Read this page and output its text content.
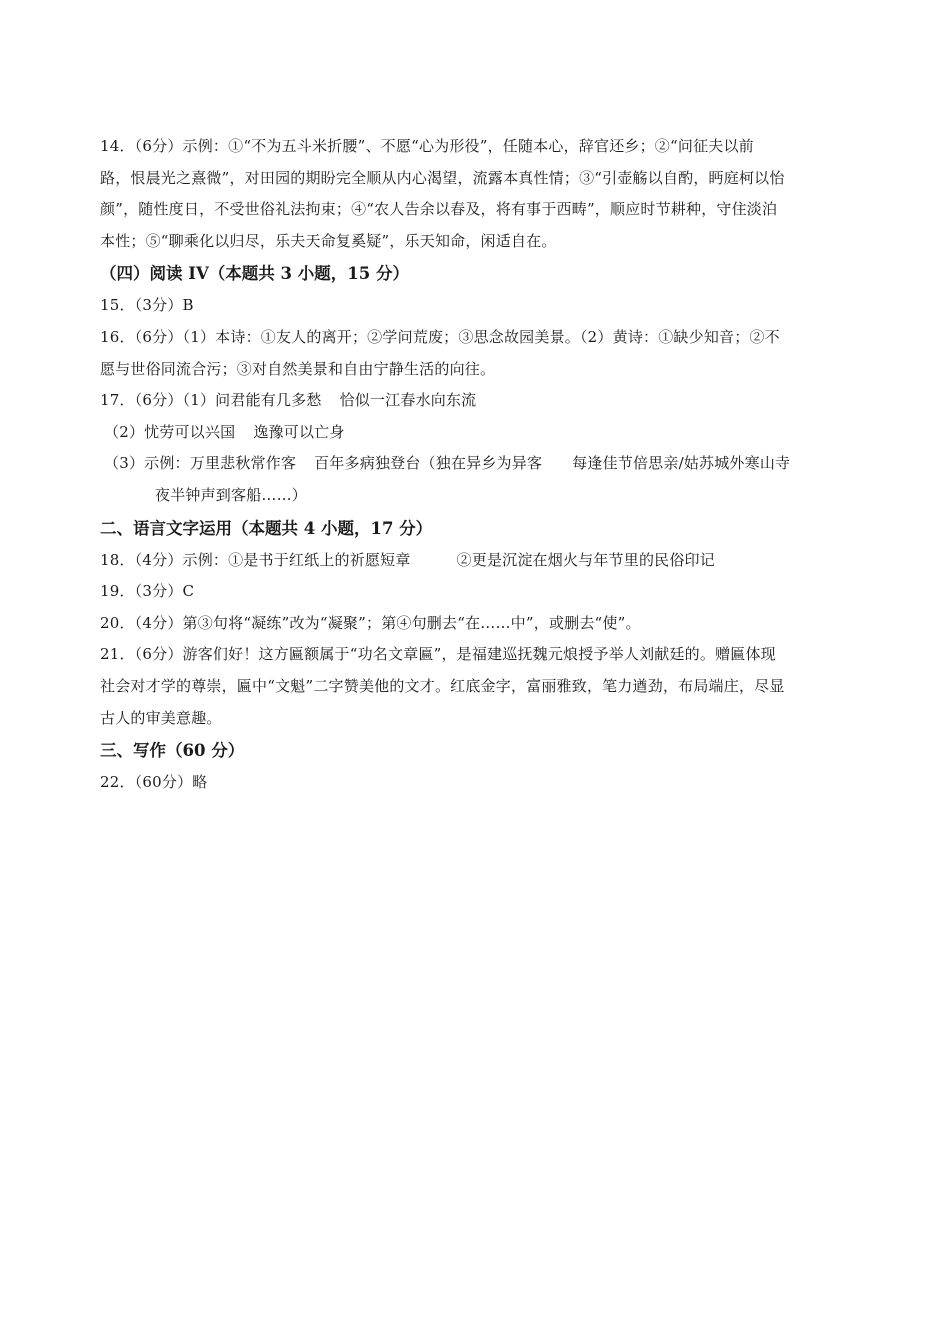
14．（6分）示例：①“不为五斗米折腰”、不愿“心为形役”，任随本心，辞官还乡；②“问征夫以前
路，恨晨光之熹微”，对田园的期盼完全顺从内心渴望，流露本真性情；③“引壶觞以自酌，眄庭柯以怡
颜”，随性度日，不受世俗礼法拘束；④“农人告余以春及，将有事于西畴”，顺应时节耕种，守住淡泊
本性；⑤“聊乘化以归尽，乐夫天命复奚疑”，乐天知命，闲适自在。
（四）阅读 IV（本题共 3 小题，15 分）
15．（3分）B
16．（6分）（1）本诗：①友人的离开；②学问荒废；③思念故园美景。（2）黄诗：①缺少知音；②不
愿与世俗同流合污；③对自然美景和自由宁静生活的向往。
17．（6分）（1）问君能有几多愁 恰似一江春水向东流
（2）忧劳可以兴国 逸豫可以亡身
（3）示例：万里悲秋常作客 百年多病独登台（独在异乡为异客 每逢佳节倍思亲/姑苏城外寒山寺
夜半钟声到客船……）
二、语言文字运用（本题共 4 小题，17 分）
18．（4分）示例：①是书于红纸上的祈愿短章	②更是沉淀在烟火与年节里的民俗印记
19．（3分）C
20．（4分）第③句将“凝练”改为“凝聚”；第④句删去“在……中”，或删去“使”。
21．（6分）游客们好！这方匾额属于“功名文章匾”，是福建巡抚魏元烺授予举人刘献廷的。赠匾体现
社会对才学的尊崇，匾中“文魁”二字赞美他的文才。红底金字，富丽雅致，笔力遒劲，布局端庄，尽显
古人的审美意趣。
三、写作（60 分）
22．（60分）略
